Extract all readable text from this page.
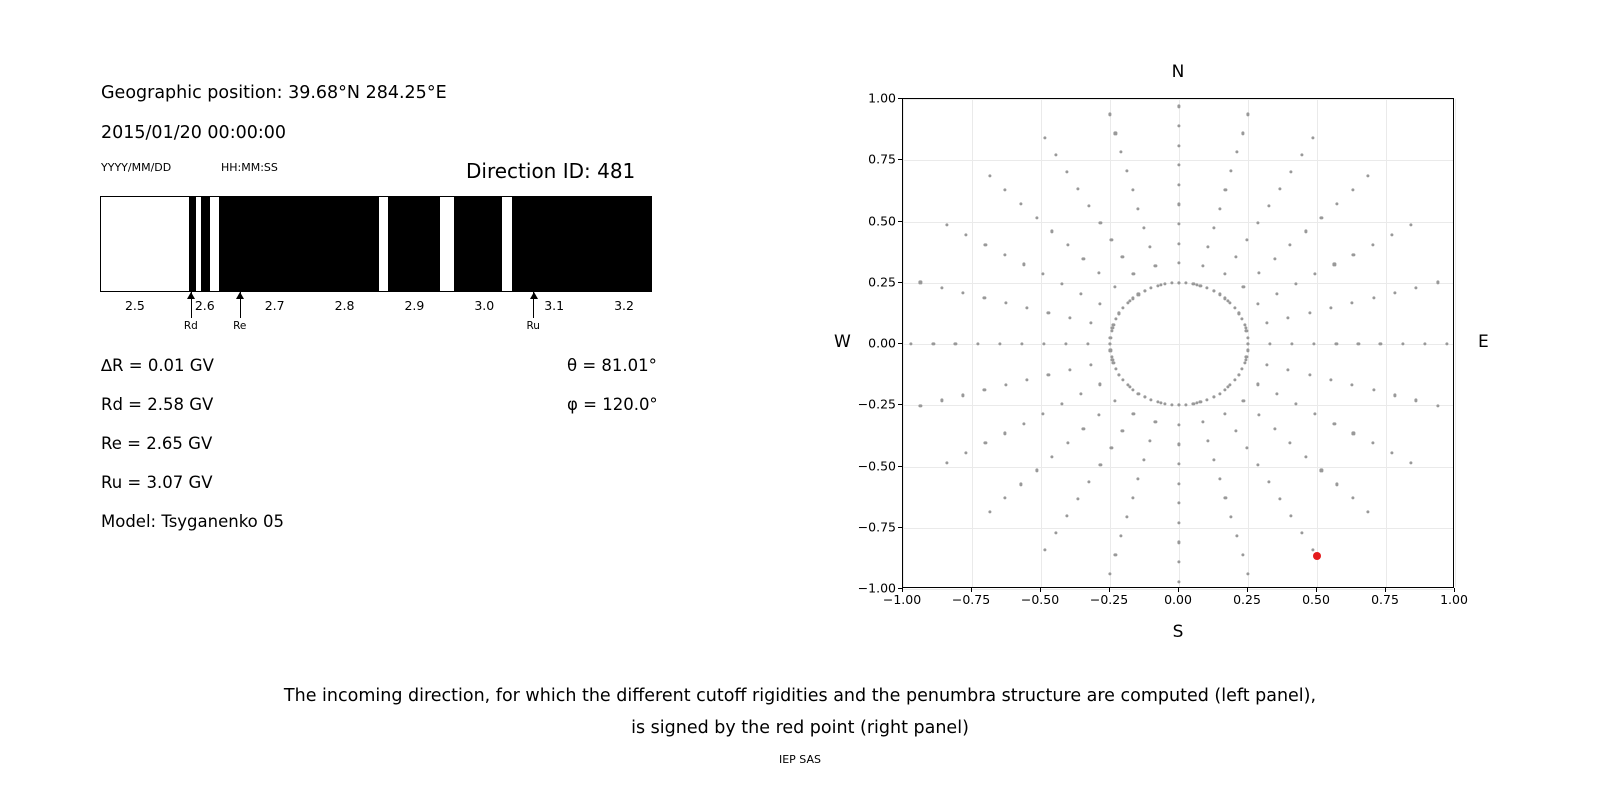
Geographic position: 39.68°N 284.25°E
2015/01/20 00:00:00
YYYY/MM/DD	HH:MM:SS	Direction ID: 481
2.5	2.6	2.7	2.8	2.9	3.0	3.1	3.2
Rd	Re	Ru
∆R = 0.01 GV
Rd = 2.58 GV
Re = 2.65 GV
Ru = 3.07 GV
Model: Tsyganenko 05
θ = 81.01°
φ = 120.0°
N
S
W	E
−1.00 −0.75 −0.50 −0.25	0.00	0.25	0.50	0.75	1.00
−1.00
−0.75
−0.50
−0.25
0.00
0.25
0.50
0.75
1.00
The incoming direction, for which the different cutoff rigidities and the penumbra structure are computed (left panel),
is signed by the red point (right panel)
IEP SAS
